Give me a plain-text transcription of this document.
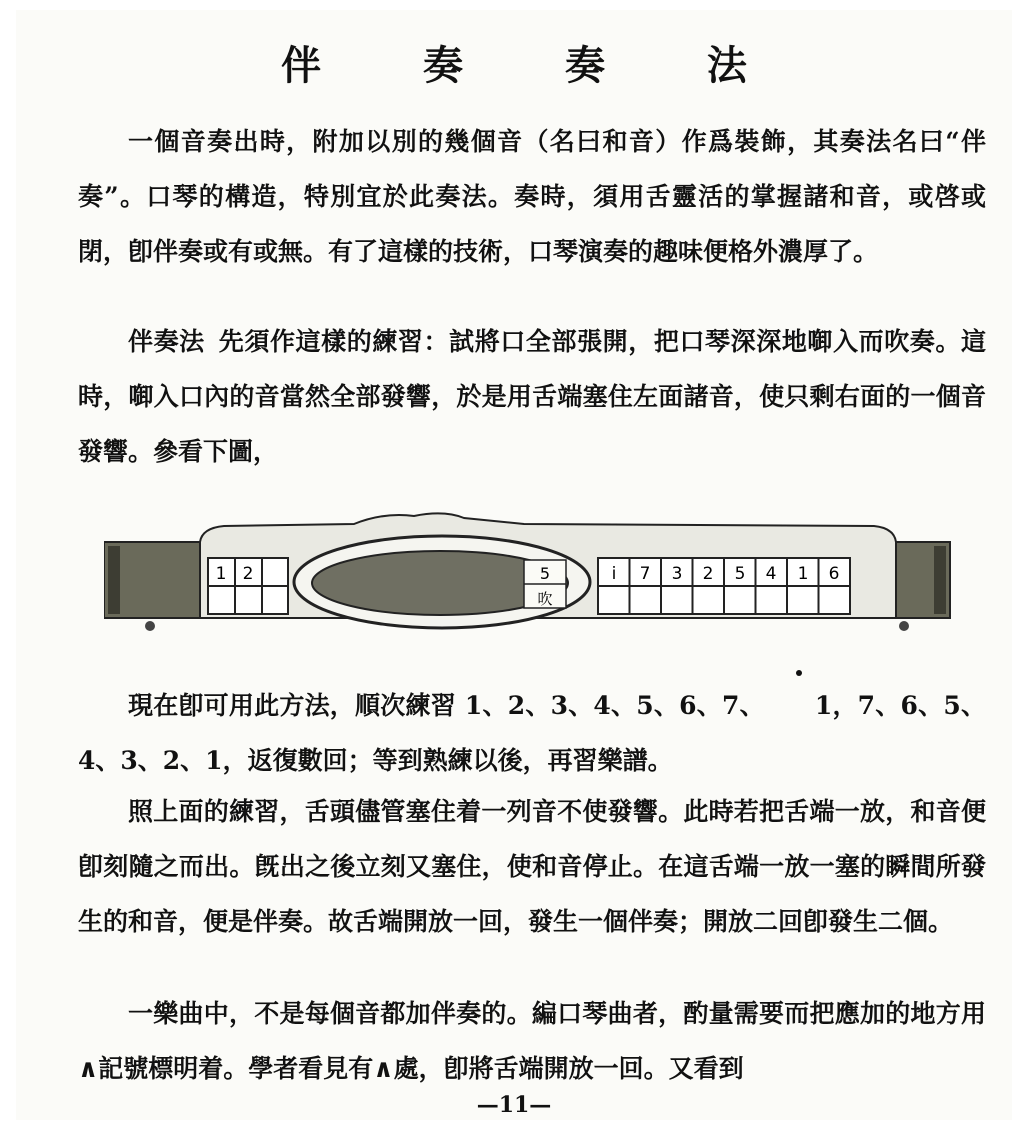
伴 奏 奏 法

一個音奏出時，附加以別的幾個音（名曰和音）作爲裝飾，其奏法名曰“伴奏”。口琴的構造，特別宜於此奏法。奏時，須用舌靈活的掌握諸和音，或啓或閉，卽伴奏或有或無。有了這樣的技術，口琴演奏的趣味便格外濃厚了。

伴奏法 先須作這樣的練習：試將口全部張開，把口琴深深地啣入而吹奏。這時，啣入口內的音當然全部發響，於是用舌端塞住左面諸音，使只剩右面的一個音發響。參看下圖，

1 2	5
吹
i 7 3 2 5 4 1 6

現在卽可用此方法，順次練習 1、2、3、4、5、6、7、 1，7、6、5、4、3、2、1，返復數回；等到熟練以後，再習樂譜。

照上面的練習，舌頭儘管塞住着一列音不使發響。此時若把舌端一放，和音便卽刻隨之而出。旣出之後立刻又塞住，使和音停止。在這舌端一放一塞的瞬間所發生的和音，便是伴奏。故舌端開放一回，發生一個伴奏；開放二回卽發生二個。

一樂曲中，不是每個音都加伴奏的。編口琴曲者，酌量需要而把應加的地方用∧記號標明着。學者看見有∧處，卽將舌端開放一回。又看到

—11—
